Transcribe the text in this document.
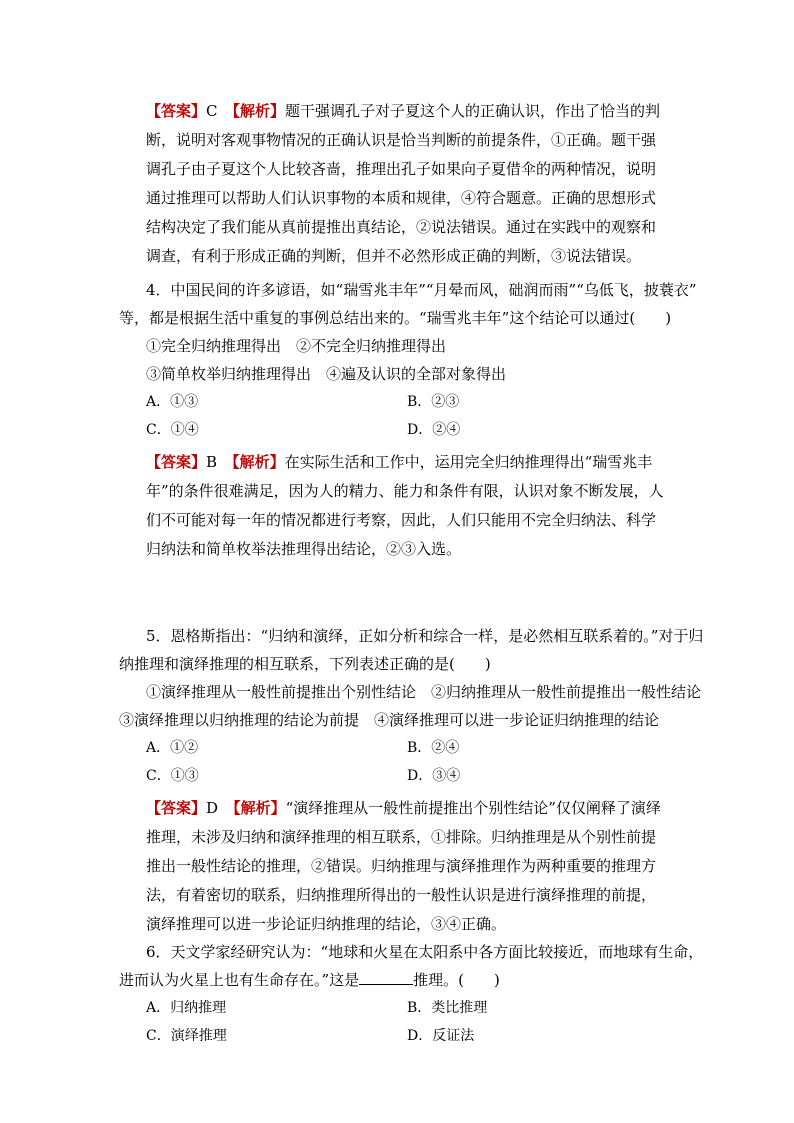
【答案】C　 【解析】题干强调孔子对子夏这个人的正确认识，作出了恰当的判断，说明对客观事物情况的正确认识是恰当判断的前提条件，①正确。题干强调孔子由子夏这个人比较吝啬，推理出孔子如果向子夏借伞的两种情况，说明通过推理可以帮助人们认识事物的本质和规律，④符合题意。正确的思想形式结构决定了我们能从真前提推出真结论，②说法错误。通过在实践中的观察和调查，有利于形成正确的判断，但并不必然形成正确的判断，③说法错误。

4．中国民间的许多谚语，如“瑞雪兆丰年”“月晕而风，础润而雨”“乌低飞，披蓑衣”
等，都是根据生活中重复的事例总结出来的。“瑞雪兆丰年”这个结论可以通过(　　)
①完全归纳推理得出　②不完全归纳推理得出
③简单枚举归纳推理得出　④遍及认识的全部对象得出
A．①③	B．②③
C．①④	D．②④

【答案】B　 【解析】在实际生活和工作中，运用完全归纳推理得出“瑞雪兆丰年”的条件很难满足，因为人的精力、能力和条件有限，认识对象不断发展，人们不可能对每一年的情况都进行考察，因此，人们只能用不完全归纳法、科学归纳法和简单枚举法推理得出结论，②③入选。

5．恩格斯指出：“归纳和演绎，正如分析和综合一样，是必然相互联系着的。”对于归
纳推理和演绎推理的相互联系，下列表述正确的是(　　)
①演绎推理从一般性前提推出个别性结论　②归纳推理从一般性前提推出一般性结论
③演绎推理以归纳推理的结论为前提　④演绎推理可以进一步论证归纳推理的结论
A．①②	B．②④
C．①③	D．③④

【答案】D　 【解析】“演绎推理从一般性前提推出个别性结论”仅仅阐释了演绎推理，未涉及归纳和演绎推理的相互联系，①排除。归纳推理是从个别性前提推出一般性结论的推理，②错误。归纳推理与演绎推理作为两种重要的推理方法，有着密切的联系，归纳推理所得出的一般性认识是进行演绎推理的前提，演绎推理可以进一步论证归纳推理的结论，③④正确。

6．天文学家经研究认为：“地球和火星在太阳系中各方面比较接近，而地球有生命，
进而认为火星上也有生命存在。”这是	推理。(　　)
A．归纳推理	B．类比推理
C．演绎推理	D．反证法
